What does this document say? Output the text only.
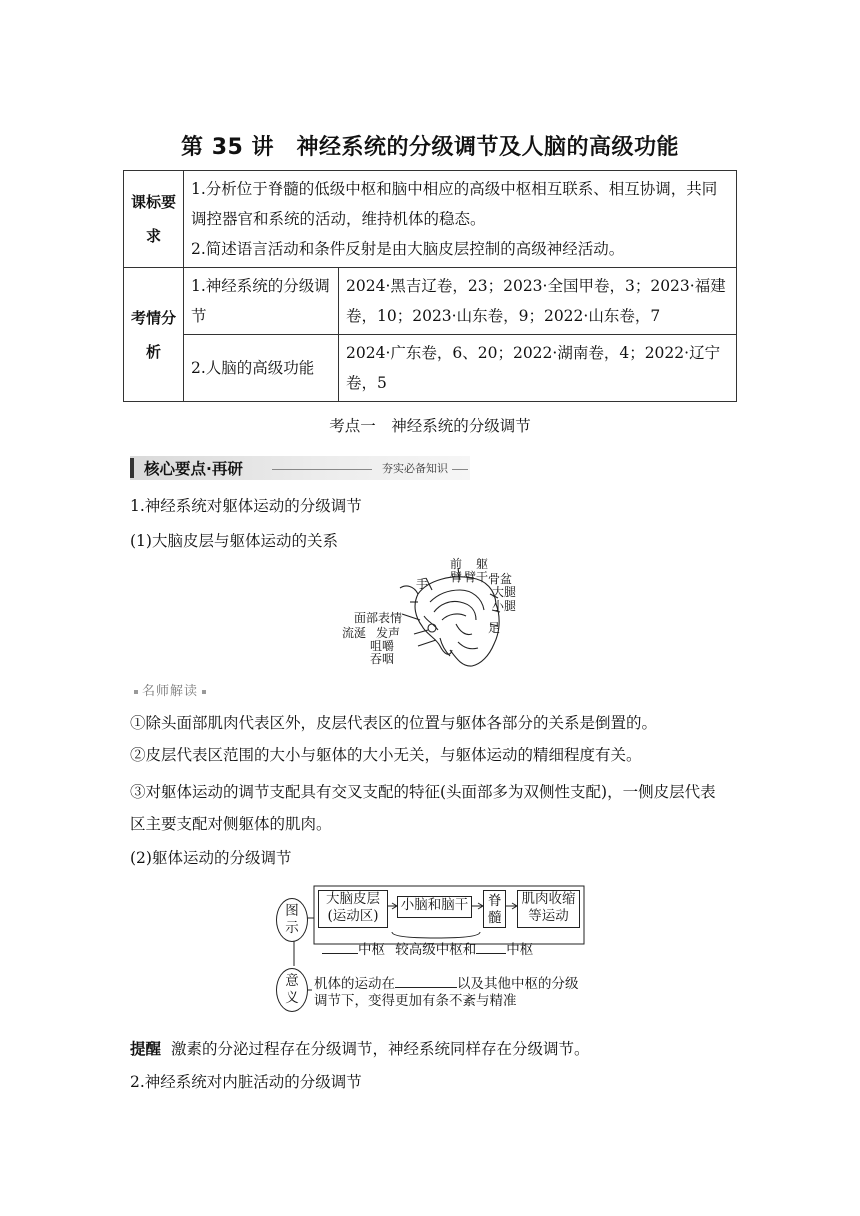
第 35 讲　神经系统的分级调节及人脑的高级功能
课标要求	1.分析位于脊髓的低级中枢和脑中相应的高级中枢相互联系、相互协调，共同调控器官和系统的活动，维持机体的稳态。
2.简述语言活动和条件反射是由大脑皮层控制的高级神经活动。	

考情分析	1.神经系统的分级调节	2024·黑吉辽卷，23；2023·全国甲卷，3；2023·福建卷，10；2023·山东卷，9；2022·山东卷，7
	2.人脑的高级功能	2024·广东卷，6、20；2022·湖南卷，4；2022·辽宁卷，5
考点一　神经系统的分级调节
核心要点·再研	夯实必备知识
1.神经系统对躯体运动的分级调节
(1)大脑皮层与躯体运动的关系
前
臂
躯
臂干 骨盆
手
大腿
小腿
足
面部表情
流涎 发声
咀嚼
吞咽
名师解读
①除头面部肌肉代表区外，皮层代表区的位置与躯体各部分的关系是倒置的。
②皮层代表区范围的大小与躯体的大小无关，与躯体运动的精细程度有关。
③对躯体运动的调节支配具有交叉支配的特征(头面部多为双侧性支配)，一侧皮层代表区主要支配对侧躯体的肌肉。
(2)躯体运动的分级调节
图示
意义
大脑皮层
(运动区)
小脑和脑干	脊髓
肌肉收缩
等运动
中枢 较高级中枢和 中枢
机体的运动在	以及其他中枢的分级
调节下，变得更加有条不紊与精准
提醒 激素的分泌过程存在分级调节，神经系统同样存在分级调节。
2.神经系统对内脏活动的分级调节
